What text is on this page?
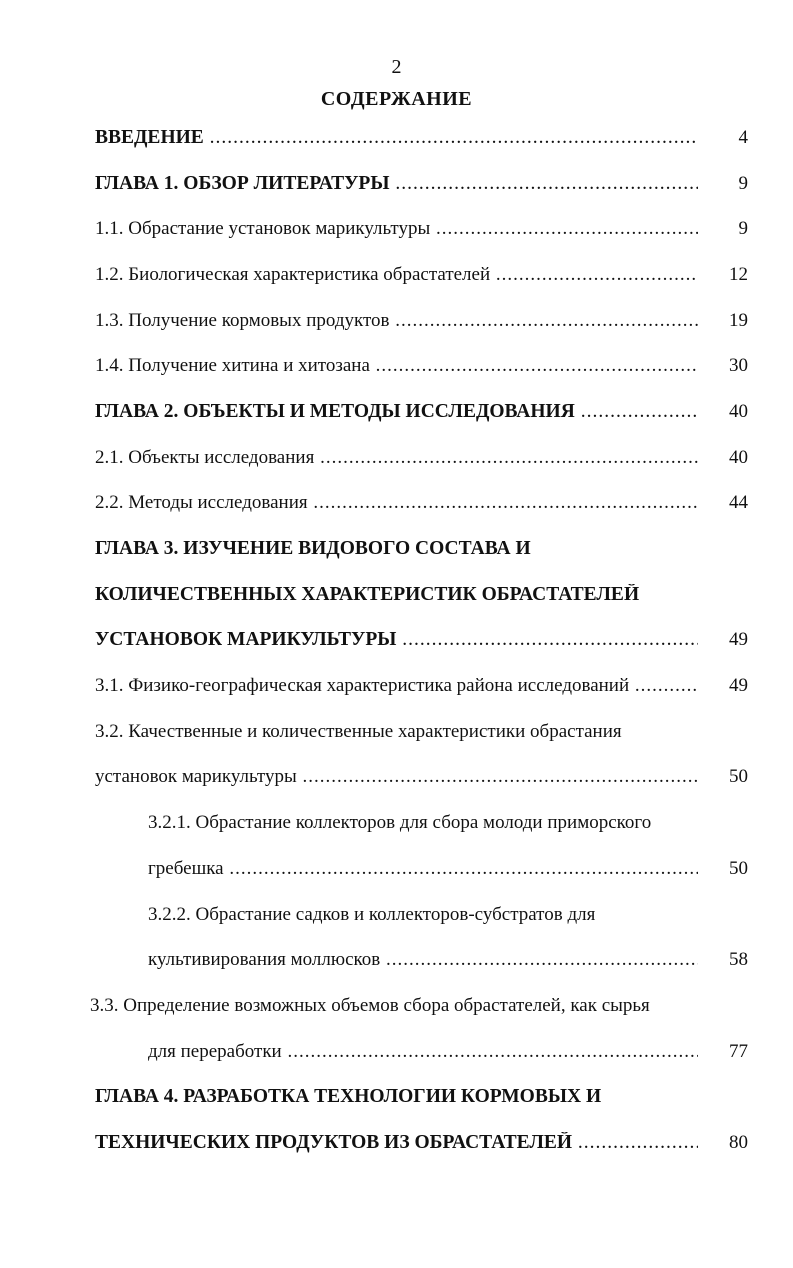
2
СОДЕРЖАНИЕ
ВВЕДЕНИЕ .....	4
ГЛАВА 1. ОБЗОР ЛИТЕРАТУРЫ .....	9
1.1. Обрастание установок марикультуры .....	9
1.2. Биологическая характеристика обрастателей .....	12
1.3. Получение кормовых продуктов .....	19
1.4. Получение хитина и хитозана .....	30
ГЛАВА 2. ОБЪЕКТЫ И МЕТОДЫ ИССЛЕДОВАНИЯ .....	40
2.1. Объекты исследования .....	40
2.2. Методы исследования .....	44
ГЛАВА 3. ИЗУЧЕНИЕ ВИДОВОГО СОСТАВА И
КОЛИЧЕСТВЕННЫХ ХАРАКТЕРИСТИК ОБРАСТАТЕЛЕЙ
УСТАНОВОК МАРИКУЛЬТУРЫ .....	49
3.1. Физико-географическая характеристика района исследований .....	49
3.2. Качественные и количественные характеристики обрастания
установок марикультуры .....	50
3.2.1. Обрастание коллекторов для сбора молоди приморского
гребешка .....	50
3.2.2. Обрастание садков и коллекторов-субстратов для
культивирования моллюсков .....	58
3.3. Определение возможных объемов сбора обрастателей, как сырья
для переработки .....	77
ГЛАВА 4. РАЗРАБОТКА ТЕХНОЛОГИИ КОРМОВЫХ И
ТЕХНИЧЕСКИХ ПРОДУКТОВ ИЗ ОБРАСТАТЕЛЕЙ .....	80
